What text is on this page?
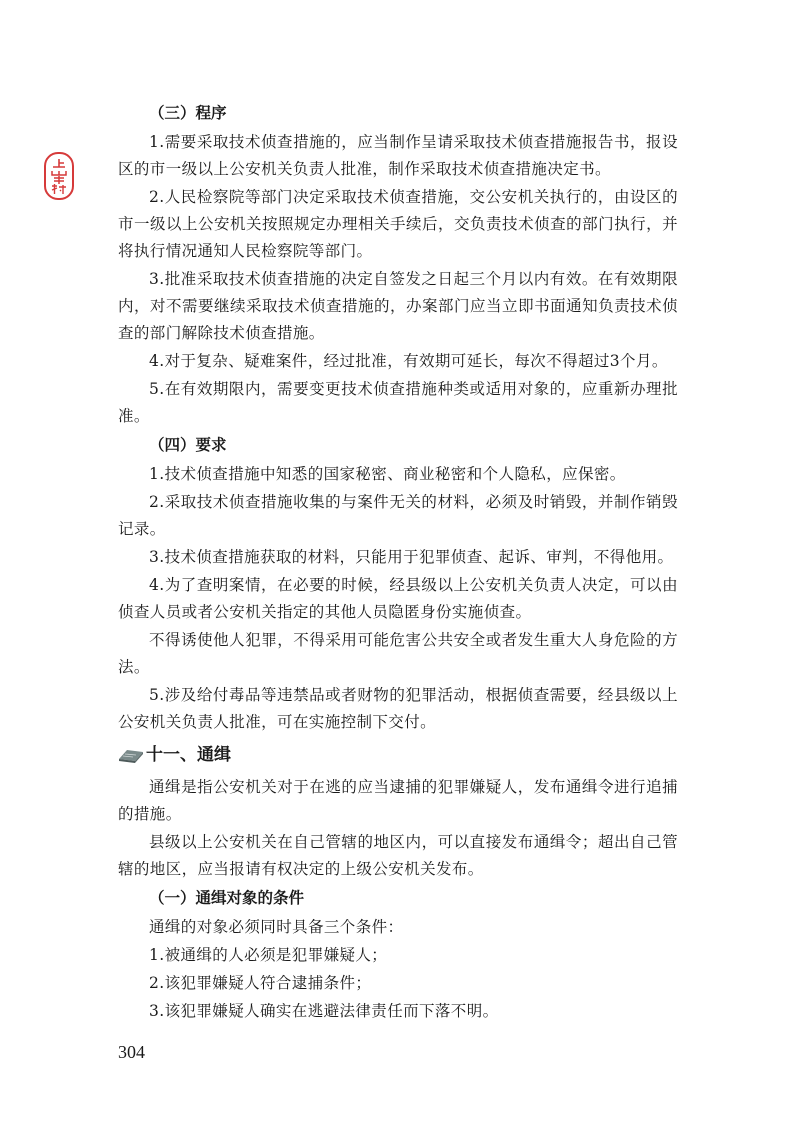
（三）程序
1.需要采取技术侦查措施的，应当制作呈请采取技术侦查措施报告书，报设区的市一级以上公安机关负责人批准，制作采取技术侦查措施决定书。
2.人民检察院等部门决定采取技术侦查措施，交公安机关执行的，由设区的市一级以上公安机关按照规定办理相关手续后，交负责技术侦查的部门执行，并将执行情况通知人民检察院等部门。
3.批准采取技术侦查措施的决定自签发之日起三个月以内有效。在有效期限内，对不需要继续采取技术侦查措施的，办案部门应当立即书面通知负责技术侦查的部门解除技术侦查措施。
4.对于复杂、疑难案件，经过批准，有效期可延长，每次不得超过3个月。
5.在有效期限内，需要变更技术侦查措施种类或适用对象的，应重新办理批准。
（四）要求
1.技术侦查措施中知悉的国家秘密、商业秘密和个人隐私，应保密。
2.采取技术侦查措施收集的与案件无关的材料，必须及时销毁，并制作销毁记录。
3.技术侦查措施获取的材料，只能用于犯罪侦查、起诉、审判，不得他用。
4.为了查明案情，在必要的时候，经县级以上公安机关负责人决定，可以由侦查人员或者公安机关指定的其他人员隐匿身份实施侦查。
不得诱使他人犯罪，不得采用可能危害公共安全或者发生重大人身危险的方法。
5.涉及给付毒品等违禁品或者财物的犯罪活动，根据侦查需要，经县级以上公安机关负责人批准，可在实施控制下交付。
十一、通缉
通缉是指公安机关对于在逃的应当逮捕的犯罪嫌疑人，发布通缉令进行追捕的措施。
县级以上公安机关在自己管辖的地区内，可以直接发布通缉令；超出自己管辖的地区，应当报请有权决定的上级公安机关发布。
（一）通缉对象的条件
通缉的对象必须同时具备三个条件：
1.被通缉的人必须是犯罪嫌疑人；
2.该犯罪嫌疑人符合逮捕条件；
3.该犯罪嫌疑人确实在逃避法律责任而下落不明。
304
